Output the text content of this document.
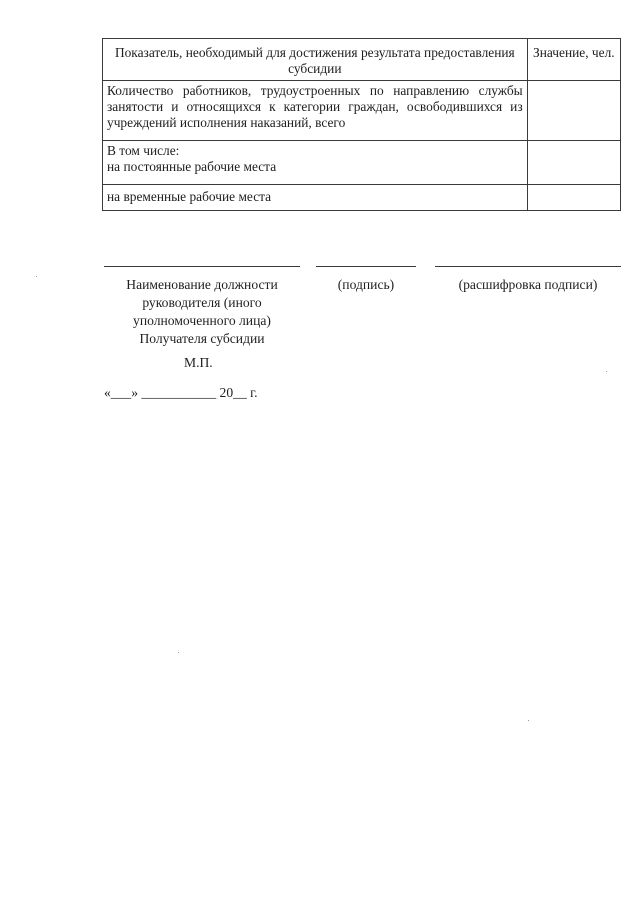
Показатель, необходимый для достижения результата предоставления субсидии	Значение, чел.
Количество работников, трудоустроенных по направлению службы занятости и относящихся к категории граждан, освободившихся из учреждений исполнения наказаний, всего	

В том числе:
на постоянные рабочие места	

на временные рабочие места	
Наименование должности руководителя (иного уполномоченного лица) Получателя субсидии
(подпись)	(расшифровка подписи)
М.П.
«___» ___________ 20__ г.
